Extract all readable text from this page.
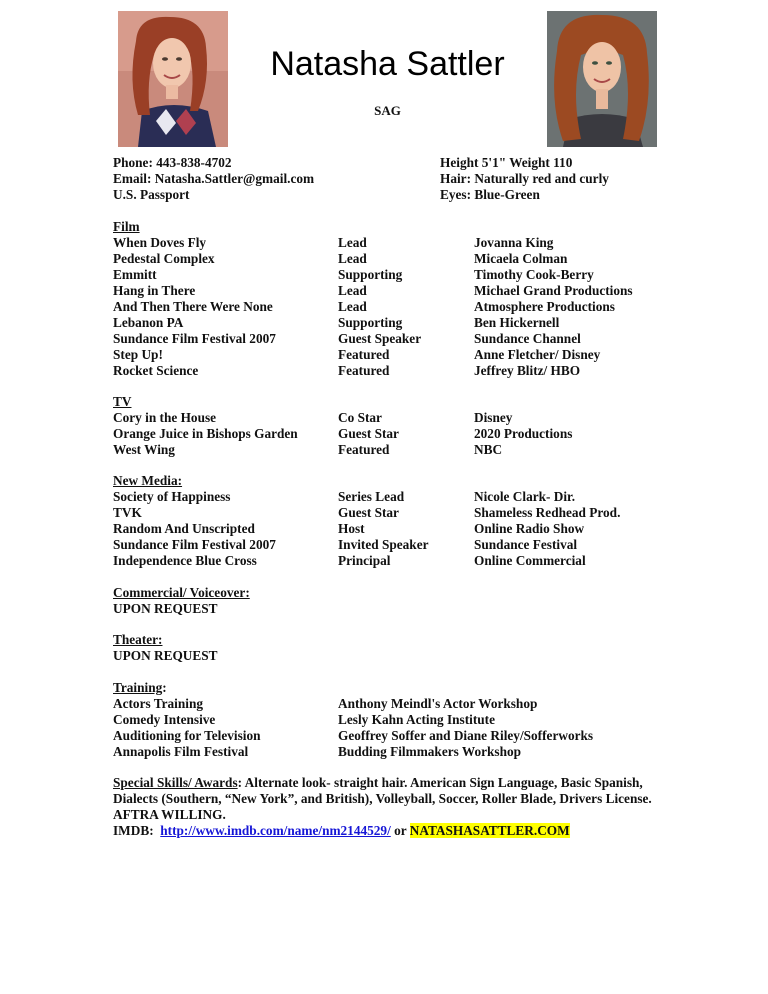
Natasha Sattler
SAG
Phone: 443-838-4702
Email: Natasha.Sattler@gmail.com
U.S. Passport
Height 5'1" Weight 110
Hair: Naturally red and curly
Eyes: Blue-Green
Film
When Doves Fly	Lead	Jovanna King
Pedestal Complex	Lead	Micaela Colman
Emmitt	Supporting	Timothy Cook-Berry
Hang in There	Lead	Michael Grand Productions
And Then There Were None	Lead	Atmosphere Productions
Lebanon PA	Supporting	Ben Hickernell
Sundance Film Festival 2007	Guest Speaker	Sundance Channel
Step Up!	Featured	Anne Fletcher/ Disney
Rocket Science	Featured	Jeffrey Blitz/ HBO
TV
Cory in the House	Co Star	Disney
Orange Juice in Bishops Garden	Guest Star	2020 Productions
West Wing	Featured	NBC
New Media:
Society of Happiness	Series Lead	Nicole Clark- Dir.
TVK	Guest Star	Shameless Redhead Prod.
Random And Unscripted	Host	Online Radio Show
Sundance Film Festival 2007	Invited Speaker	Sundance Festival
Independence Blue Cross	Principal	Online Commercial
Commercial/ Voiceover:
UPON REQUEST
Theater:
UPON REQUEST
Training:
Actors Training	Anthony Meindl's Actor Workshop
Comedy Intensive	Lesly Kahn Acting Institute
Auditioning for Television	Geoffrey Soffer and Diane Riley/Sofferworks
Annapolis Film Festival	Budding Filmmakers Workshop

Special Skills/ Awards: Alternate look- straight hair. American Sign Language, Basic Spanish, Dialects (Southern, “New York”, and British), Volleyball, Soccer, Roller Blade, Drivers License. AFTRA WILLING.

IMDB: http://www.imdb.com/name/nm2144529/ or NATASHASATTLER.COM
